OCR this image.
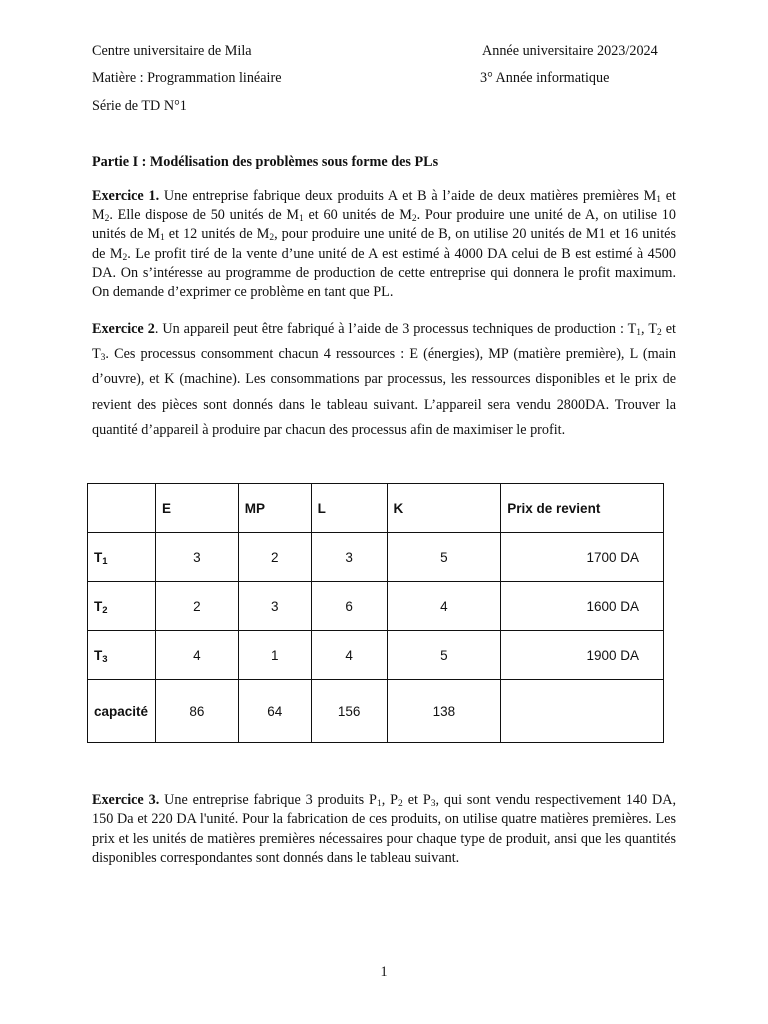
Centre universitaire de Mila	Année universitaire 2023/2024
Matière : Programmation linéaire	3° Année informatique
Série de TD N°1
Partie I : Modélisation des problèmes sous forme des PLs
Exercice 1. Une entreprise fabrique deux produits A et B à l’aide de deux matières premières $M_1$ et $M_2$. Elle dispose de 50 unités de $M_1$ et 60 unités de $M_2$. Pour produire une unité de A, on utilise 10 unités de $M_1$ et 12 unités de $M_2$, pour produire une unité de B, on utilise 20 unités de M1 et 16 unités de $M_2$. Le profit tiré de la vente d’une unité de A est estimé à 4000 DA celui de B est estimé à 4500 DA. On s’intéresse au programme de production de cette entreprise qui donnera le profit maximum. On demande d’exprimer ce problème en tant que PL.
Exercice 2. Un appareil peut être fabriqué à l’aide de 3 processus techniques de production : $T_1$, $T_2$ et $T_3$. Ces processus consomment chacun 4 ressources : E (énergies), MP (matière première), L (main d’ouvre), et K (machine). Les consommations par processus, les ressources disponibles et le prix de revient des pièces sont donnés dans le tableau suivant. L’appareil sera vendu 2800DA. Trouver la quantité d’appareil à produire par chacun des processus afin de maximiser le profit.
	E	MP	L	K	Prix de revient
$T_1$	3	2	3	5	1700 DA
$T_2$	2	3	6	4	1600 DA
$T_3$	4	1	4	5	1900 DA
capacité	86	64	156	138	
Exercice 3. Une entreprise fabrique 3 produits $P_1$, $P_2$ et $P_3$, qui sont vendu respectivement 140 DA, 150 Da et 220 DA l'unité. Pour la fabrication de ces produits, on utilise quatre matières premières. Les prix et les unités de matières premières nécessaires pour chaque type de produit, ansi que les quantités disponibles correspondantes sont donnés dans le tableau suivant.
1
